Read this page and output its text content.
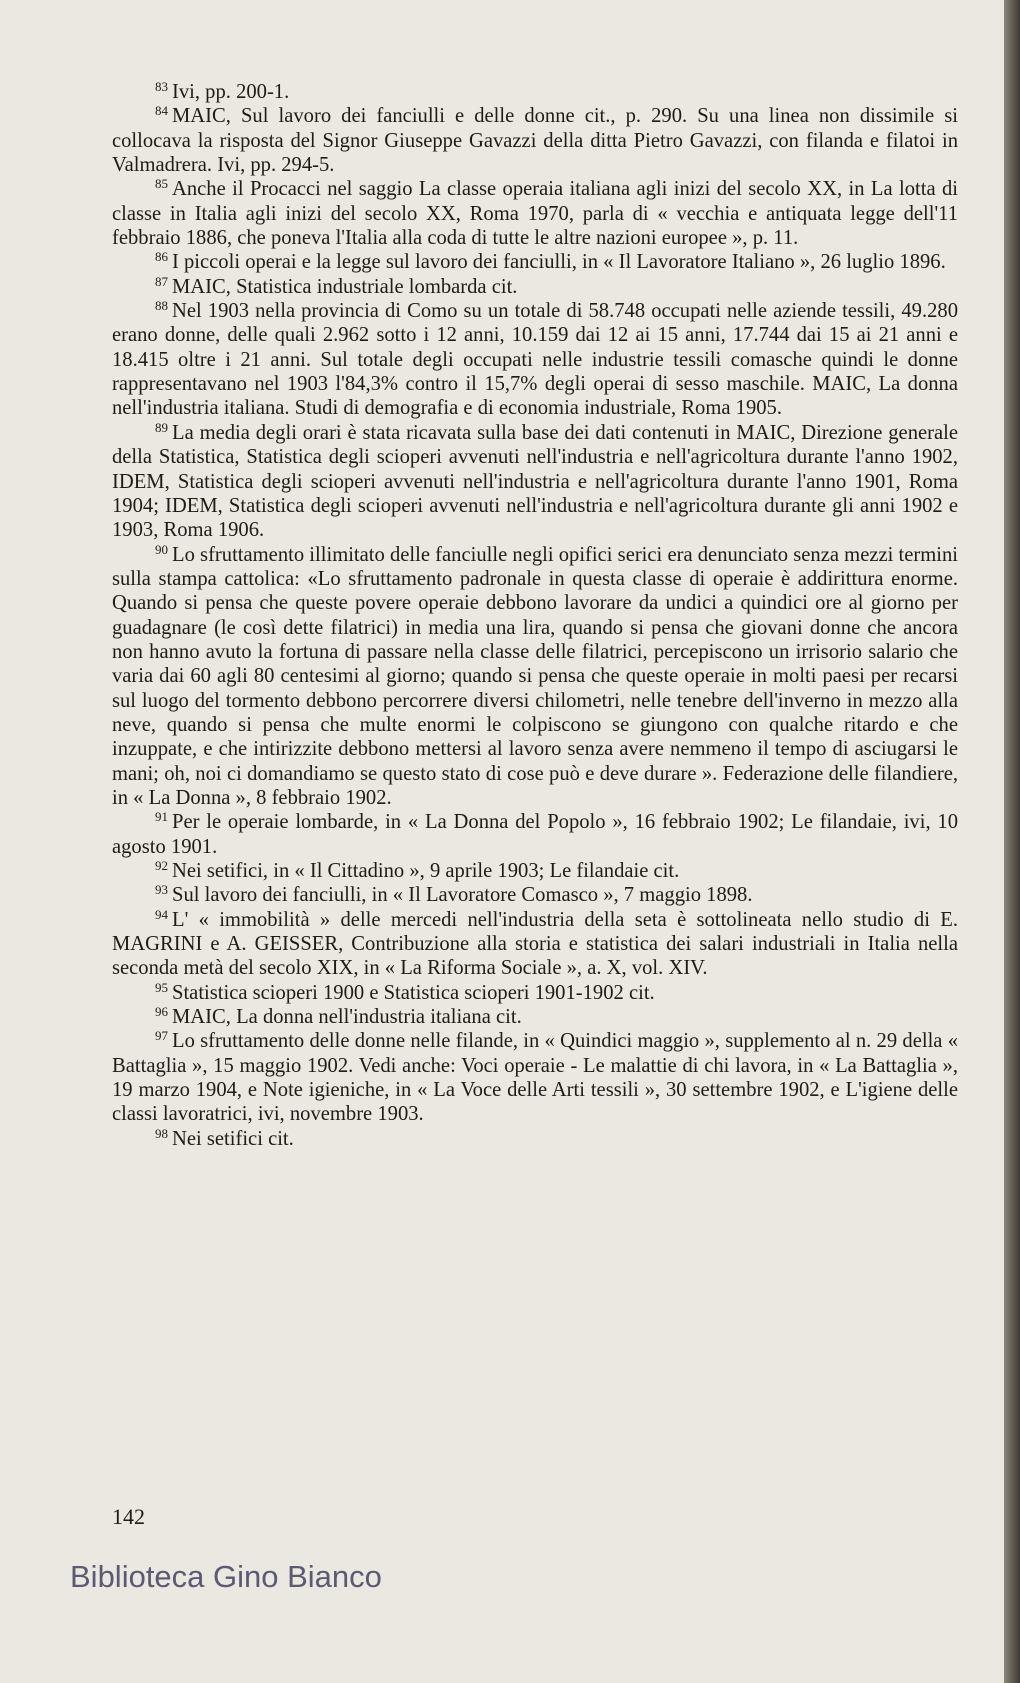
$^{83}$ Ivi, pp. 200-1.

$^{84}$ MAIC, Sul lavoro dei fanciulli e delle donne cit., p. 290. Su una linea non dissimile si collocava la risposta del Signor Giuseppe Gavazzi della ditta Pietro Gavazzi, con filanda e filatoi in Valmadrera. Ivi, pp. 294-5.

$^{85}$ Anche il Procacci nel saggio La classe operaia italiana agli inizi del secolo XX, in La lotta di classe in Italia agli inizi del secolo XX, Roma 1970, parla di « vecchia e antiquata legge dell'11 febbraio 1886, che poneva l'Italia alla coda di tutte le altre nazioni europee », p. 11.

$^{86}$ I piccoli operai e la legge sul lavoro dei fanciulli, in « Il Lavoratore Italiano », 26 luglio 1896.

$^{87}$ MAIC, Statistica industriale lombarda cit.

$^{88}$ Nel 1903 nella provincia di Como su un totale di 58.748 occupati nelle aziende tessili, 49.280 erano donne, delle quali 2.962 sotto i 12 anni, 10.159 dai 12 ai 15 anni, 17.744 dai 15 ai 21 anni e 18.415 oltre i 21 anni. Sul totale degli occupati nelle industrie tessili comasche quindi le donne rappresentavano nel 1903 l'84,3% contro il 15,7% degli operai di sesso maschile. MAIC, La donna nell'industria italiana. Studi di demografia e di economia industriale, Roma 1905.

$^{89}$ La media degli orari è stata ricavata sulla base dei dati contenuti in MAIC, Direzione generale della Statistica, Statistica degli scioperi avvenuti nell'industria e nell'agricoltura durante l'anno 1902, IDEM, Statistica degli scioperi avvenuti nell'industria e nell'agricoltura durante l'anno 1901, Roma 1904; IDEM, Statistica degli scioperi avvenuti nell'industria e nell'agricoltura durante gli anni 1902 e 1903, Roma 1906.

$^{90}$ Lo sfruttamento illimitato delle fanciulle negli opifici serici era denunciato senza mezzi termini sulla stampa cattolica: «Lo sfruttamento padronale in questa classe di operaie è addirittura enorme. Quando si pensa che queste povere operaie debbono lavorare da undici a quindici ore al giorno per guadagnare (le così dette filatrici) in media una lira, quando si pensa che giovani donne che ancora non hanno avuto la fortuna di passare nella classe delle filatrici, percepiscono un irrisorio salario che varia dai 60 agli 80 centesimi al giorno; quando si pensa che queste operaie in molti paesi per recarsi sul luogo del tormento debbono percorrere diversi chilometri, nelle tenebre dell'inverno in mezzo alla neve, quando si pensa che multe enormi le colpiscono se giungono con qualche ritardo e che inzuppate, e che intirizzite debbono mettersi al lavoro senza avere nemmeno il tempo di asciugarsi le mani; oh, noi ci domandiamo se questo stato di cose può e deve durare ». Federazione delle filandiere, in « La Donna », 8 febbraio 1902.

$^{91}$ Per le operaie lombarde, in « La Donna del Popolo », 16 febbraio 1902; Le filandaie, ivi, 10 agosto 1901.

$^{92}$ Nei setifici, in « Il Cittadino », 9 aprile 1903; Le filandaie cit.

$^{93}$ Sul lavoro dei fanciulli, in « Il Lavoratore Comasco », 7 maggio 1898.

$^{94}$ L' « immobilità » delle mercedi nell'industria della seta è sottolineata nello studio di E. MAGRINI e A. GEISSER, Contribuzione alla storia e statistica dei salari industriali in Italia nella seconda metà del secolo XIX, in « La Riforma Sociale », a. X, vol. XIV.

$^{95}$ Statistica scioperi 1900 e Statistica scioperi 1901-1902 cit.

$^{96}$ MAIC, La donna nell'industria italiana cit.

$^{97}$ Lo sfruttamento delle donne nelle filande, in « Quindici maggio », supplemento al n. 29 della « Battaglia », 15 maggio 1902. Vedi anche: Voci operaie - Le malattie di chi lavora, in « La Battaglia », 19 marzo 1904, e Note igieniche, in « La Voce delle Arti tessili », 30 settembre 1902, e L'igiene delle classi lavoratrici, ivi, novembre 1903.

$^{98}$ Nei setifici cit.

142
Biblioteca Gino Bianco
